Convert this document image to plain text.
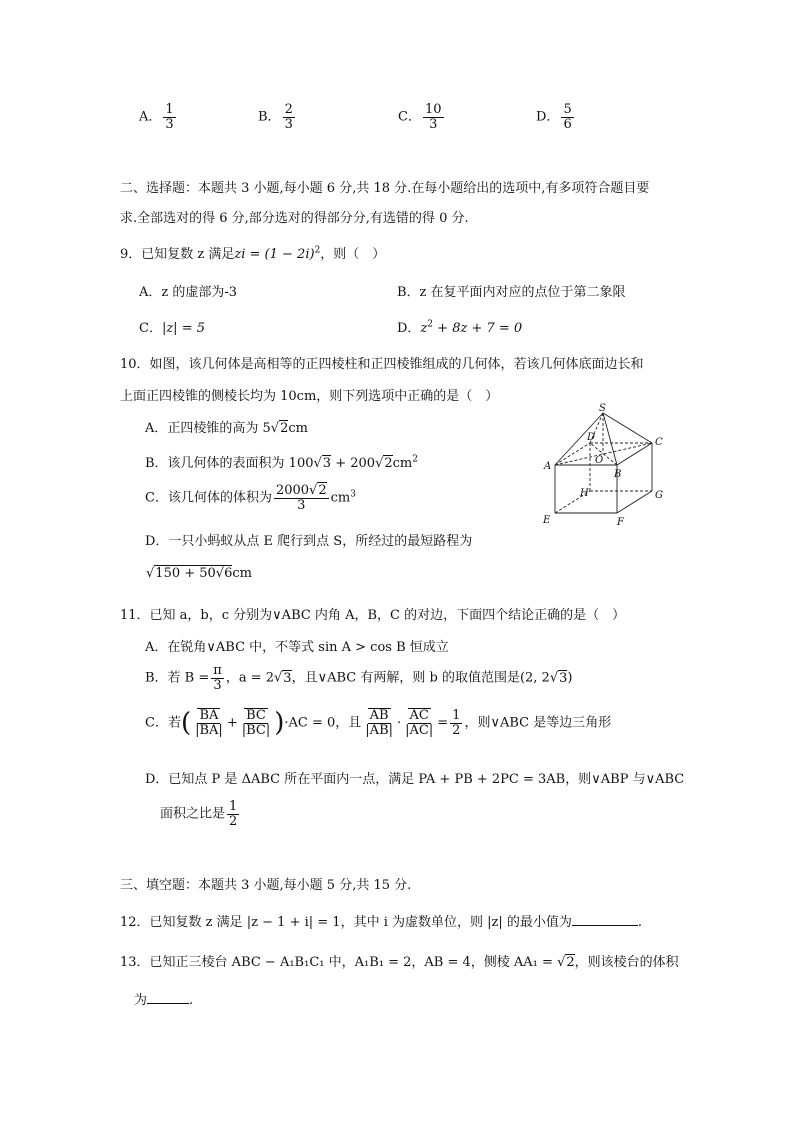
A． $\frac{1}{3}$	B． $\frac{2}{3}$	C． $\frac{10}{3}$	D． $\frac{5}{6}$
二、选择题：本题共 3 小题,每小题 6 分,共 18 分.在每小题给出的选项中,有多项符合题目要
求.全部选对的得 6 分,部分选对的得部分分,有选错的得 0 分.
9．已知复数 z 满足zi = $(1 - 2i)^2$，则（　）
A．z 的虚部为-3	B．z 在复平面内对应的点位于第二象限
C．|z| = 5	D．$z^2 + 8z + 7 = 0$
10．如图，该几何体是高相等的正四棱柱和正四棱锥组成的几何体，若该几何体底面边长和
上面正四棱锥的侧棱长均为 10cm，则下列选项中正确的是（　）
A．正四棱锥的高为 5√2cm
B．该几何体的表面积为 $100√3 + 200√2cm^2$
C．该几何体的体积为 $\frac{2000√2}{3} cm^3$
D．一只小蚂蚁从点 E 爬行到点 S，所经过的最短路程为
√150 + 50√6cm
S
D	C
A
O
B
H	G
E	F
11．已知 a，b，c 分别为∨ABC 内角 A，B，C 的对边，下面四个结论正确的是（　）
A．在锐角∨ABC 中，不等式 sin A > cos B 恒成立
B．若 $B = \frac{\pi}{3}$ ，a = 2√3，且∨ABC 有两解，则 b 的取值范围是(2, 2√3)
C．若( $\frac{BA}{|BA|} + \frac{BC}{|BC|} )\cdot AC = 0$，且 $\frac{AB}{|AB|} \cdot \frac{AC}{|AC|} = \frac{1}{2}$ ，则∨ABC 是等边三角形
D．已知点 P 是 ΔABC 所在平面内一点，满足 PA + PB + 2PC = 3AB，则∨ABP 与∨ABC
面积之比是 $\frac{1}{2}$
三、填空题：本题共 3 小题,每小题 5 分,共 15 分.
12．已知复数 z 满足 |z − 1 + i| = 1，其中 i 为虚数单位，则 |z| 的最小值为	.
13．已知正三棱台 ABC − A₁B₁C₁ 中，A₁B₁ = 2，AB = 4，侧棱 AA₁ = √2，则该棱台的体积
为	.
